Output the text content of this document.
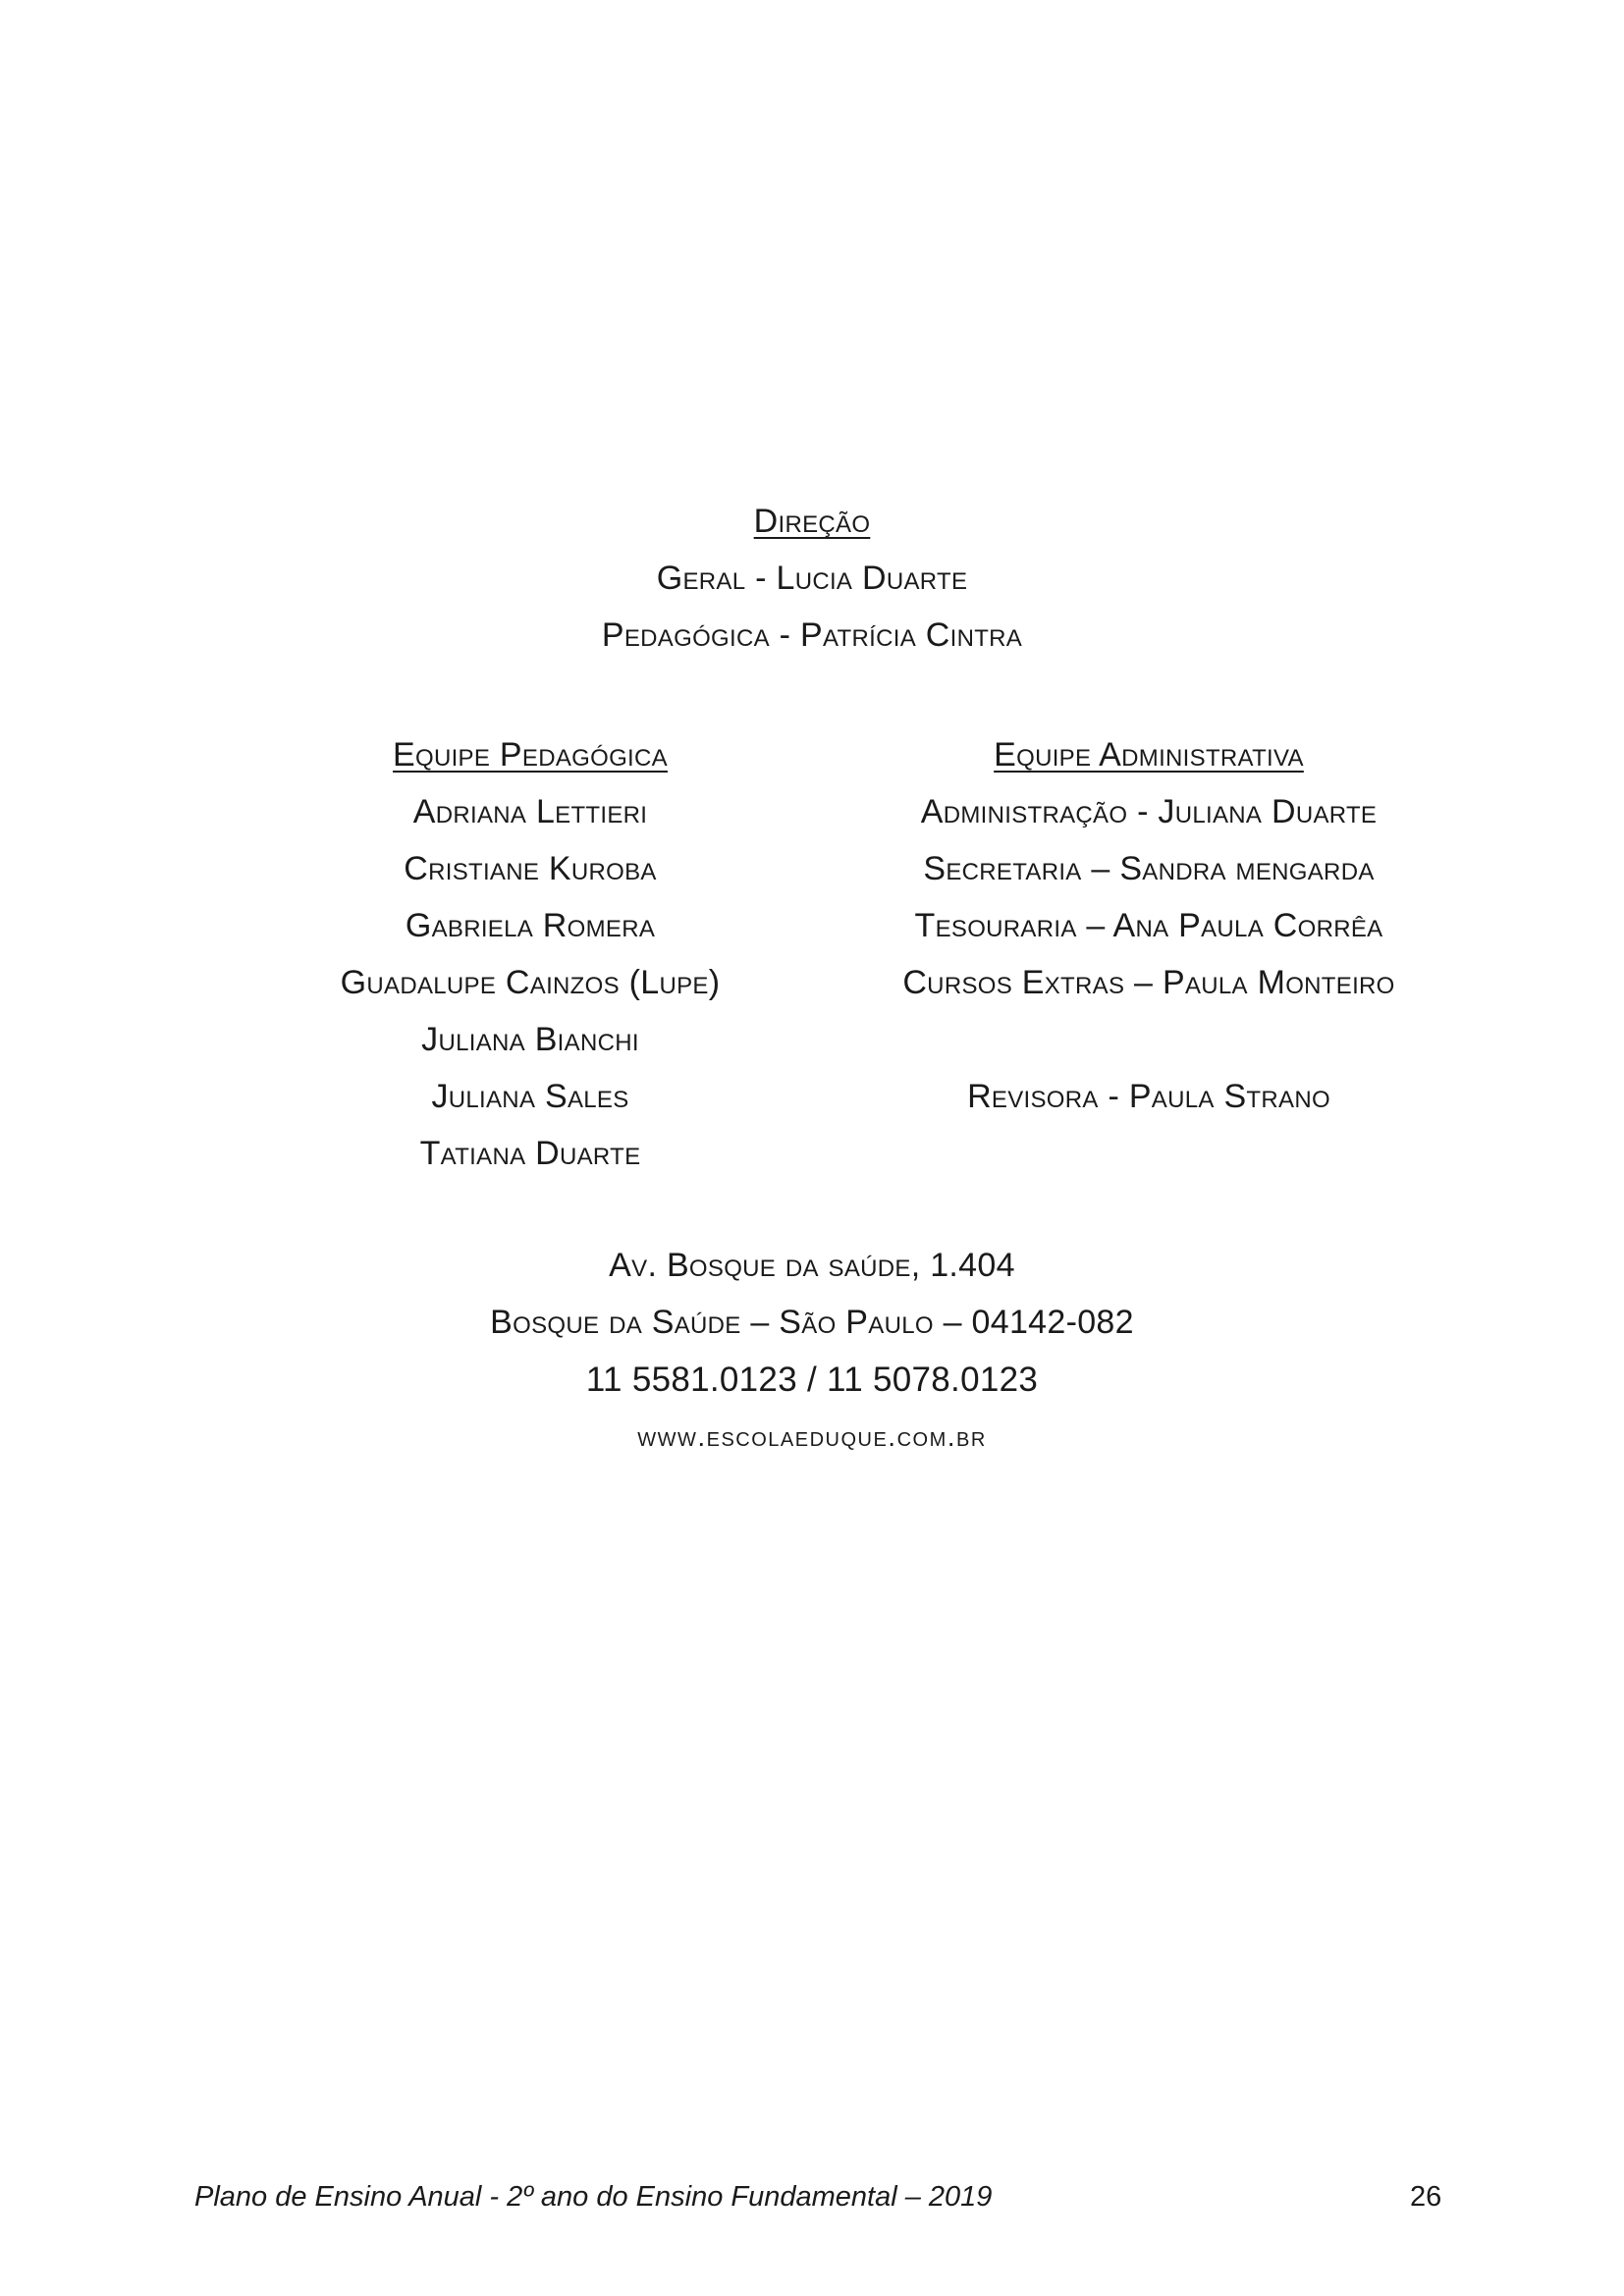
Direção
Geral - Lucia Duarte
Pedagógica - Patrícia Cintra
Equipe Pedagógica
Adriana Lettieri
Cristiane Kuroba
Gabriela Romera
Guadalupe Cainzos (Lupe)
Juliana Bianchi
Juliana Sales
Tatiana Duarte
Equipe Administrativa
Administração - Juliana Duarte
Secretaria – Sandra mengarda
Tesouraria – Ana Paula Corrêa
Cursos Extras – Paula Monteiro
Revisora - Paula Strano
Av. Bosque da saúde, 1.404
Bosque da Saúde – São Paulo – 04142-082
11 5581.0123 / 11 5078.0123
www.escolaeduque.com.br
Plano de Ensino Anual - 2º ano do Ensino Fundamental – 2019	26
